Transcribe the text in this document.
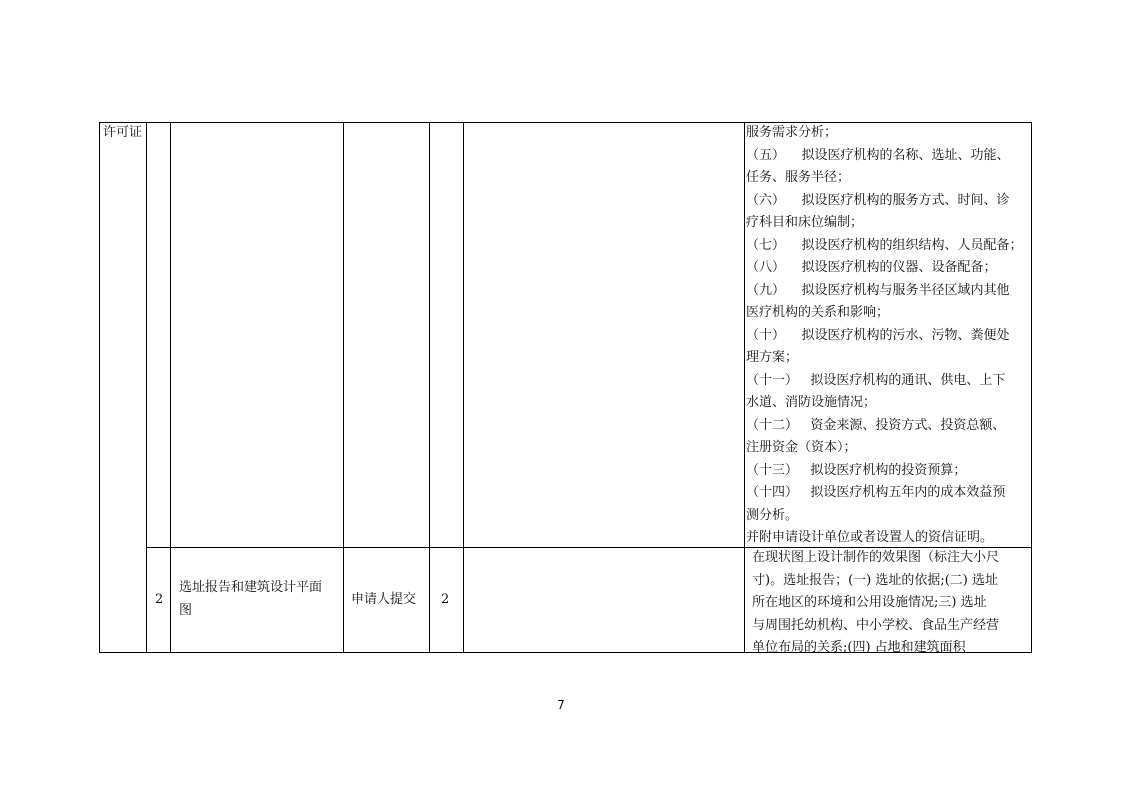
许可证	服务需求分析；
（五）    拟设医疗机构的名称、选址、功能、
任务、服务半径；
（六）    拟设医疗机构的服务方式、时间、诊
疗科目和床位编制；
（七）    拟设医疗机构的组织结构、人员配备；
（八）    拟设医疗机构的仪器、设备配备；
（九）    拟设医疗机构与服务半径区域内其他
医疗机构的关系和影响；
（十）    拟设医疗机构的污水、污物、粪便处
理方案；
（十一）   拟设医疗机构的通讯、供电、上下
水道、消防设施情况；
（十二）   资金来源、投资方式、投资总额、
注册资金（资本）；
（十三）   拟设医疗机构的投资预算；
（十四）   拟设医疗机构五年内的成本效益预
测分析。
并附申请设计单位或者设置人的资信证明。
2
选址报告和建筑设计平面
图
申请人提交 2
在现状图上设计制作的效果图（标注大小尺
寸)。选址报告；(一) 选址的依据;(二) 选址
所在地区的环境和公用设施情况;三) 选址
与周围托幼机构、中小学校、食品生产经营
单位布局的关系;(四) 占地和建筑面积
7
